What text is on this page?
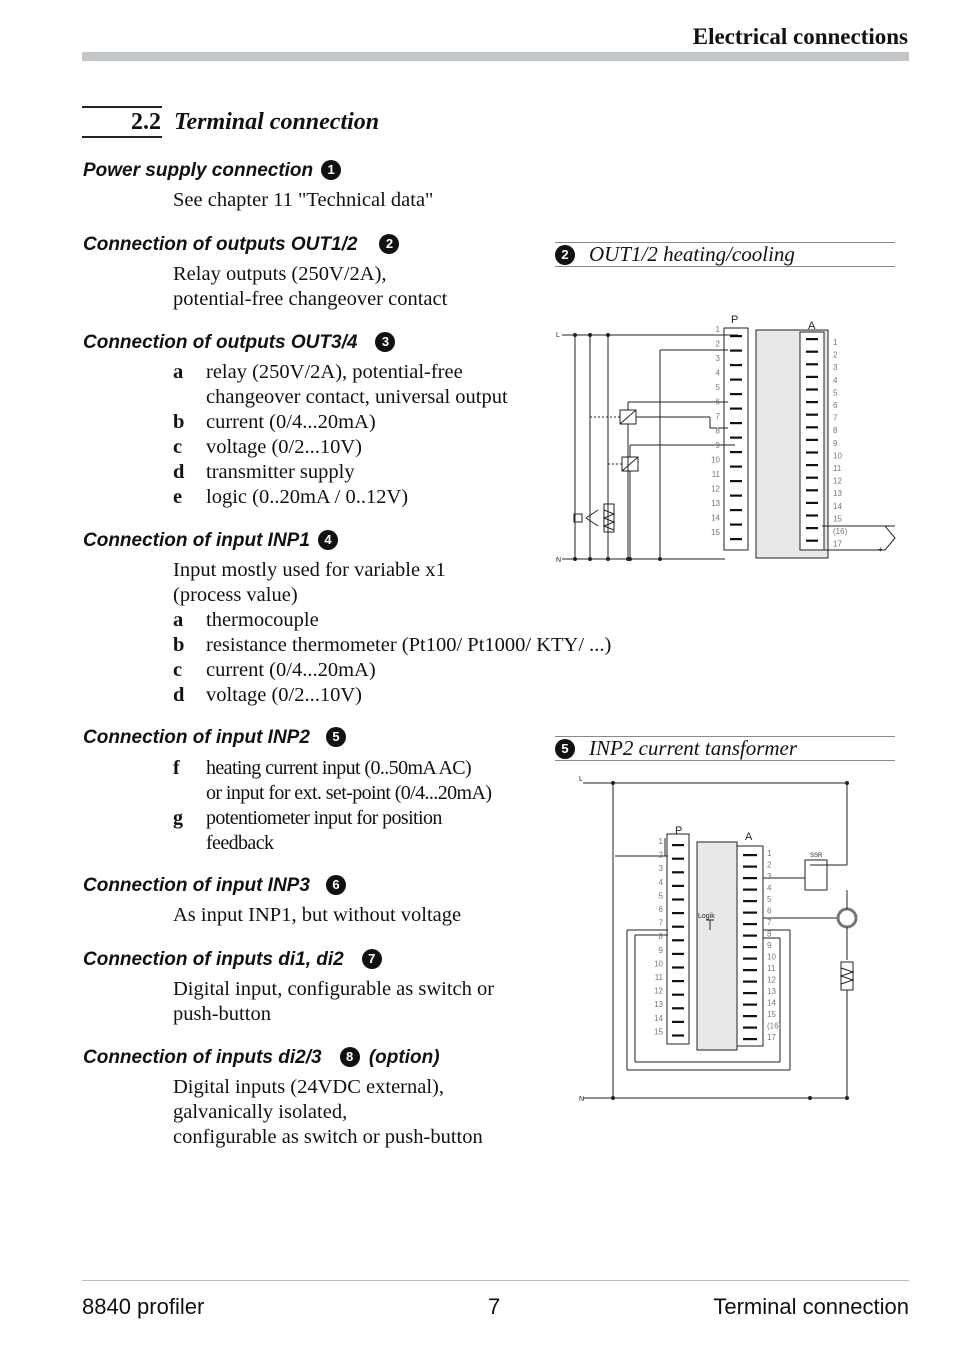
Electrical connections
2.2 Terminal connection
Power supply connection 1
See chapter 11 "Technical data"
Connection of outputs OUT1/2 2
Relay outputs (250V/2A),
potential-free changeover contact
Connection of outputs OUT3/4 3
a relay (250V/2A), potential-free
changeover contact, universal output
b current (0/4...20mA)
c voltage (0/2...10V)
d transmitter supply
e logic (0..20mA / 0..12V)
Connection of input INP1 4
Input mostly used for variable x1
(process value)
a thermocouple
b resistance thermometer (Pt100/ Pt1000/ KTY/ ...)
c current (0/4...20mA)
d voltage (0/2...10V)
Connection of input INP2 5
f heating current input (0..50mA AC)
or input for ext. set-point (0/4...20mA)
g potentiometer input for position
feedback
Connection of input INP3 6
As input INP1, but without voltage
Connection of inputs di1, di2 7
Digital input, configurable as switch or
push-button
Connection of inputs di2/3 8 (option)
Digital inputs (24VDC external),
galvanically isolated,
configurable as switch or push-button
2 OUT1/2 heating/cooling
L
N
P	A
+
1
2
3
4
5
6
7
8
9
10
11
12
13
14
15
1
2
3
4
5
6
7
8
9
10
11
12
13
14
15
(16)
17
5 INP2 current tansformer
L
N
P	A
Logik
SSR
1
2
3
4
5
6
7
8
9
10
11
12
13
14
15
1
2
3
4
5
6
7
8
9
10
11
12
13
14
15
(16)
17
8840 profiler	7	Terminal connection
